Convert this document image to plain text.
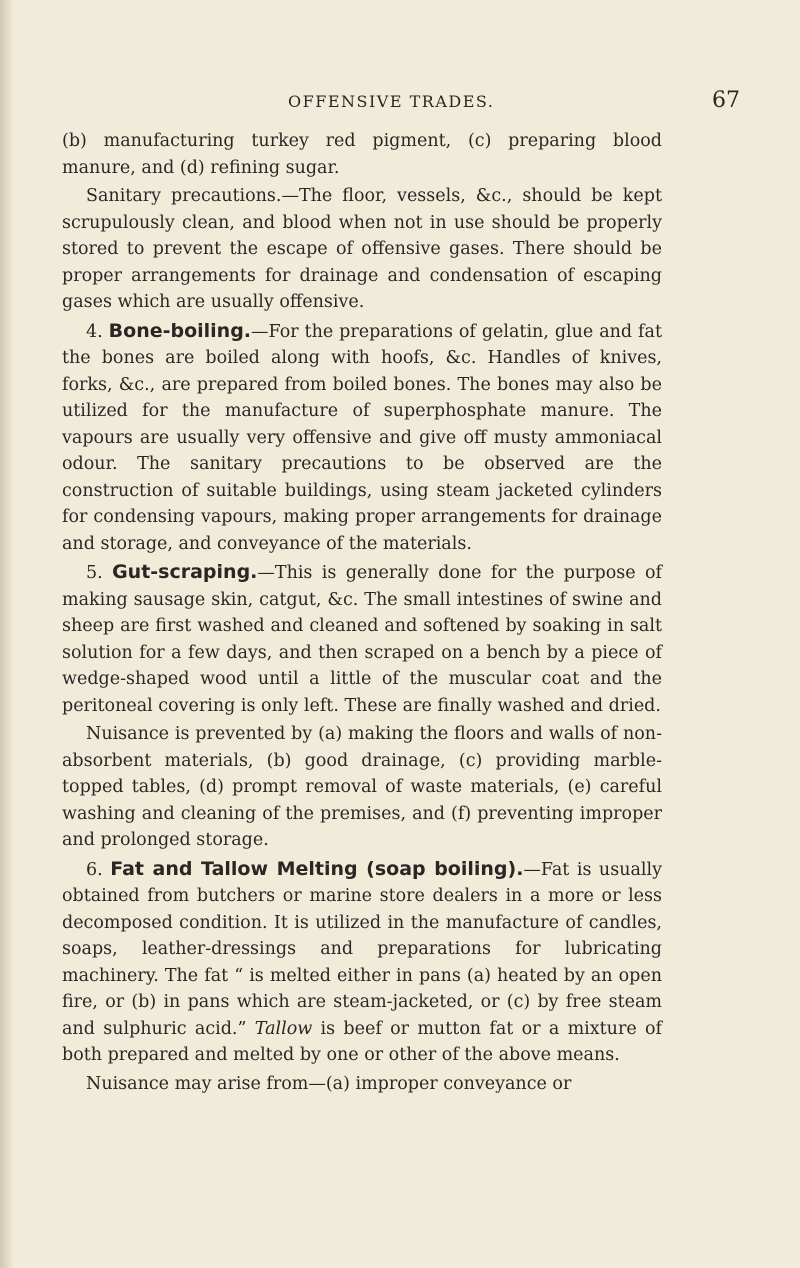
OFFENSIVE TRADES.	67

(b) manufacturing turkey red pigment, (c) preparing blood manure, and (d) refining sugar.

Sanitary precautions.—The floor, vessels, &c., should be kept scrupulously clean, and blood when not in use should be properly stored to prevent the escape of offensive gases. There should be proper arrangements for drainage and condensation of escaping gases which are usually offensive.

4. Bone-boiling.—For the preparations of gelatin, glue and fat the bones are boiled along with hoofs, &c. Handles of knives, forks, &c., are prepared from boiled bones. The bones may also be utilized for the manufacture of superphosphate manure. The vapours are usually very offensive and give off musty ammoniacal odour. The sanitary precautions to be observed are the construction of suitable buildings, using steam jacketed cylinders for condensing vapours, making proper arrangements for drainage and storage, and conveyance of the materials.

5. Gut-scraping.—This is generally done for the purpose of making sausage skin, catgut, &c. The small intestines of swine and sheep are first washed and cleaned and softened by soaking in salt solution for a few days, and then scraped on a bench by a piece of wedge-shaped wood until a little of the muscular coat and the peritoneal covering is only left. These are finally washed and dried.

Nuisance is prevented by (a) making the floors and walls of non-absorbent materials, (b) good drainage, (c) providing marble-topped tables, (d) prompt removal of waste materials, (e) careful washing and cleaning of the premises, and (f) preventing improper and prolonged storage.

6. Fat and Tallow Melting (soap boiling).—Fat is usually obtained from butchers or marine store dealers in a more or less decomposed condition. It is utilized in the manufacture of candles, soaps, leather-dressings and preparations for lubricating machinery. The fat “ is melted either in pans (a) heated by an open fire, or (b) in pans which are steam-jacketed, or (c) by free steam and sulphuric acid.” Tallow is beef or mutton fat or a mixture of both prepared and melted by one or other of the above means.

Nuisance may arise from—(a) improper conveyance or
